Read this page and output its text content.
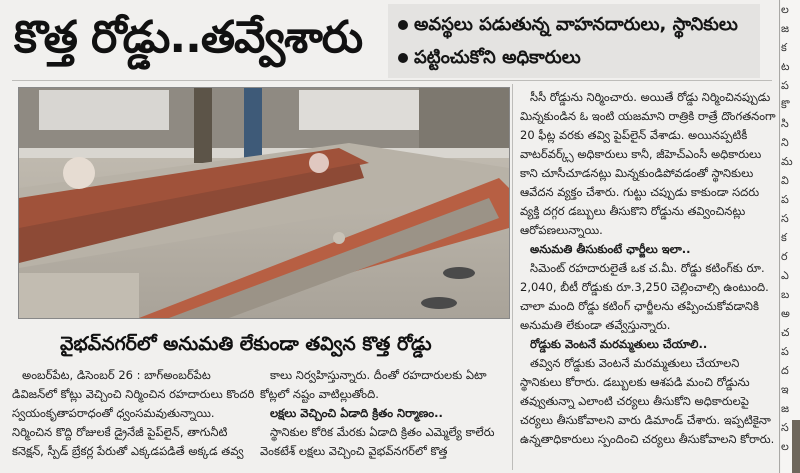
కొత్త రోడ్డు..తవ్వేశారు	అవస్థలు పడుతున్న వాహనదారులు, స్థానికులు
పట్టించుకోని అధికారులు
వైభవ్‌నగర్‌లో అనుమతి లేకుండా తవ్విన కొత్త రోడ్డు

అంబర్‌పేట, డిసెంబర్ 26 : బాగ్అంబర్‌పేట డివిజన్‌లో కోట్లు వెచ్చించి నిర్మించిన రహదారులు కొందరి స్వయంకృతాపరాధంతో ధ్వంసమవుతున్నాయి. నిర్మించిన కొద్ది రోజులకే డ్రైనేజీ పైప్‌లైన్, తాగునీటి కనెక్షన్, స్పీడ్ బ్రేకర్ల పేరుతో ఎక్కడపడితే అక్కడ తవ్వ

కాలు నిర్వహిస్తున్నారు. దీంతో రహదారులకు ఏటా కోట్లలో నష్టం వాటిల్లుతోంది.

లక్షలు వెచ్చించి ఏడాది క్రితం నిర్మాణం..

స్థానికుల కోరిక మేరకు ఏడాది క్రితం ఎమ్మెల్యే కాలేరు వెంకటేశ్ లక్షలు వెచ్చించి వైభవ్‌నగర్‌లో కొత్త

సీసీ రోడ్డును నిర్మించారు. అయితే రోడ్డు నిర్మించినప్పుడు మిన్నకుండిన ఓ ఇంటి యజమాని రాత్రికి రాత్రే దొంగతనంగా 20 ఫీట్ల వరకు తవ్వి పైప్‌లైన్ వేశాడు. అయినప్పటికీ వాటర్‌వర్క్స్ అధికారులు కానీ, జీహెచ్ఎంసీ అధికారులు కాని చూసీచూడనట్లు మిన్నకుండిపోవడంతో స్థానికులు ఆవేదన వ్యక్తం చేశారు. గుట్టు చప్పుడు కాకుండా సదరు వ్యక్తి దగ్గర డబ్బులు తీసుకొని రోడ్డును తవ్వించినట్లు ఆరోపణలున్నాయి.

అనుమతి తీసుకుంటే ఛార్జీలు ఇలా..

సిమెంట్ రహదారులైతే ఒక చ.మీ. రోడ్డు కటింగ్‌కు రూ. 2,040, బీటీ రోడ్డుకు రూ.3,250 చెల్లించాల్సి ఉంటుంది. చాలా మంది రోడ్డు కటింగ్ ఛార్జీలను తప్పించుకోవడానికి అనుమతి లేకుండా తవ్వేస్తున్నారు.

రోడ్డుకు వెంటనే మరమ్మతులు చేయాలి..

తవ్విన రోడ్డుకు వెంటనే మరమ్మతులు చేయాలని స్థానికులు కోరారు. డబ్బులకు ఆశపడి మంచి రోడ్డును తవ్వుతున్నా ఎలాంటి చర్యలు తీసుకోని అధికారులపై చర్యలు తీసుకోవాలని వారు డిమాండ్ చేశారు. ఇప్పటికైనా ఉన్నతాధికారులు స్పందించి చర్యలు తీసుకోవాలని కోరారు.

ల
జ
క
ట
ప
కొ
సి
ని
మ
వి
ప
స
క
ర
ఎ
బ
అ
చ
ప
ద
ఇ
జ
స
ల
